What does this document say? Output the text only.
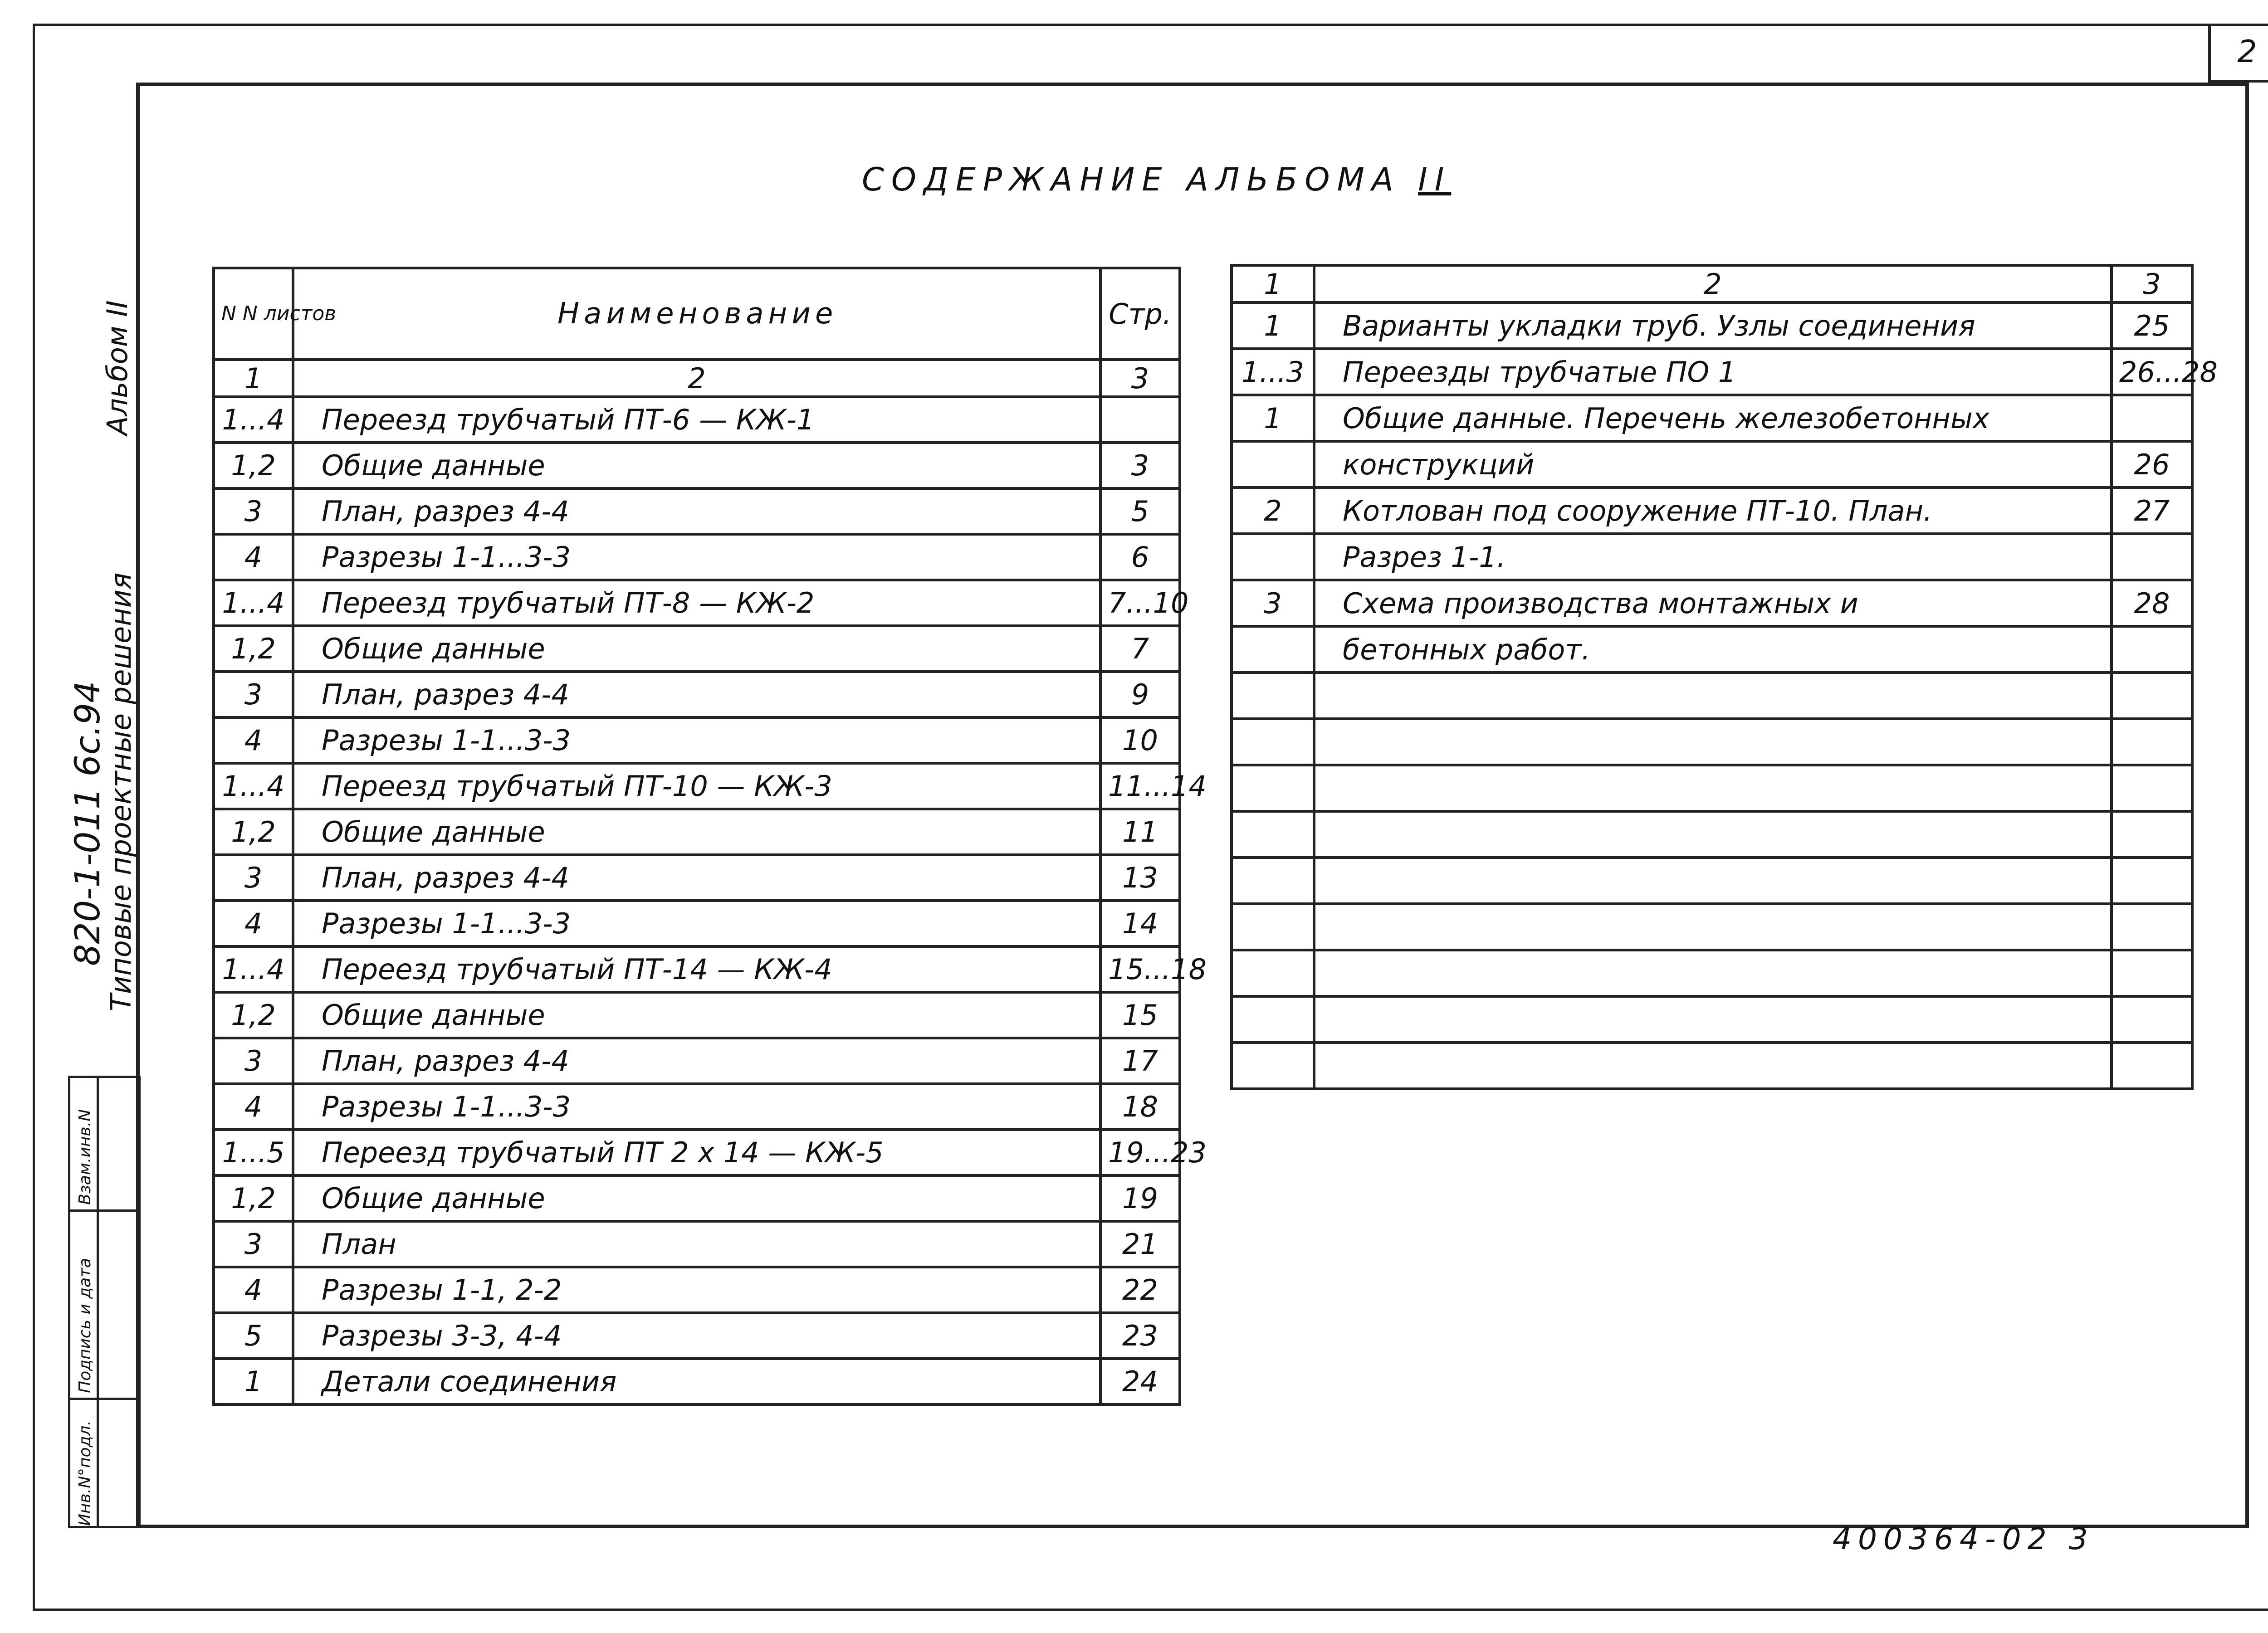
2
СОДЕРЖАНИЕ АЛЬБОМА II
Альбом II
820-1-011 6с.94
Типовые проектные решения
Взам.инв.N
Подпись и дата
Инв.N°подл.
N N листов	Наименование	Стр.
1	2	3
1...4	Переезд трубчатый ПТ-6 — КЖ-1	
1,2	Общие данные	3
3	План, разрез 4-4	5
4	Разрезы 1-1...3-3	6
1...4	Переезд трубчатый ПТ-8 — КЖ-2	7...10
1,2	Общие данные	7
3	План, разрез 4-4	9
4	Разрезы 1-1...3-3	10
1...4	Переезд трубчатый ПТ-10 — КЖ-3	11...14
1,2	Общие данные	11
3	План, разрез 4-4	13
4	Разрезы 1-1...3-3	14
1...4	Переезд трубчатый ПТ-14 — КЖ-4	15...18
1,2	Общие данные	15
3	План, разрез 4-4	17
4	Разрезы 1-1...3-3	18
1...5	Переезд трубчатый ПТ 2 х 14 — КЖ-5	19...23
1,2	Общие данные	19
3	План	21
4	Разрезы 1-1, 2-2	22
5	Разрезы 3-3, 4-4	23
1	Детали соединения	24
1	2	3
1	Варианты укладки труб. Узлы соединения	25
1...3	Переезды трубчатые ПО 1	26...28
1	Общие данные. Перечень железобетонных	
	конструкций	26
2	Котлован под сооружение ПТ-10. План.	27
	Разрез 1-1.	
3	Схема производства монтажных и	28
	бетонных работ.	

400364-02 3
